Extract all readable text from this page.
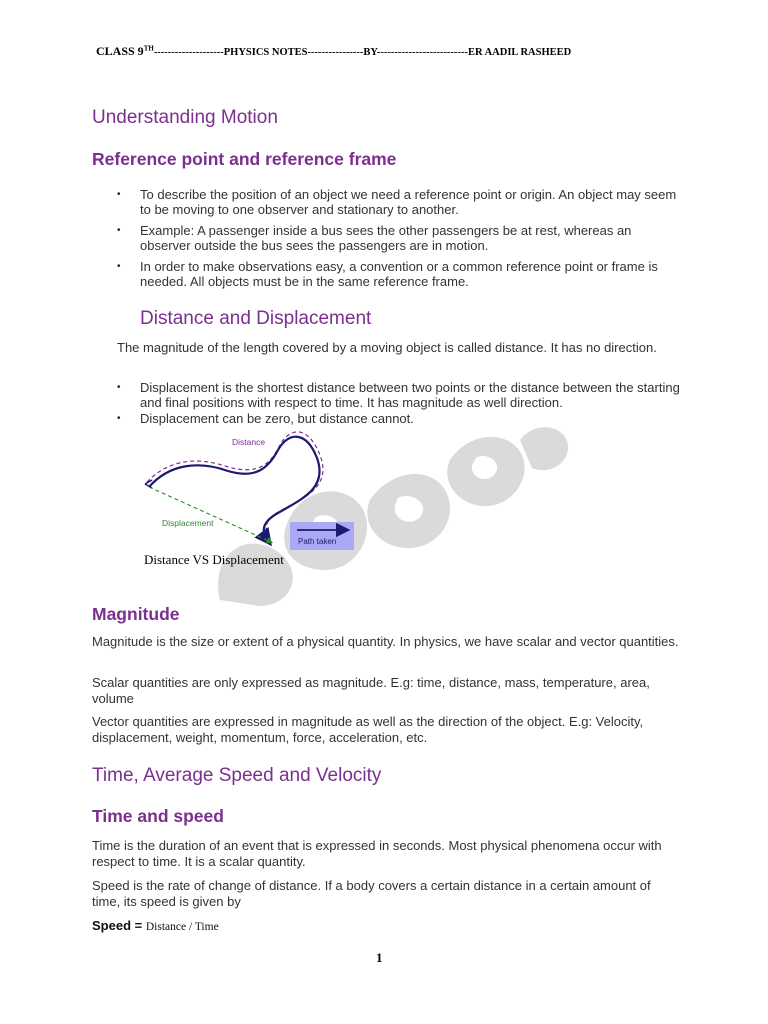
CLASS 9TH--------------------PHYSICS NOTES----------------BY--------------------------ER AADIL RASHEED
Understanding Motion
Reference point and reference frame
• To describe the position of an object we need a reference point or origin. An object may seem to be moving to one observer and stationary to another.
• Example: A passenger inside a bus sees the other passengers be at rest, whereas an observer outside the bus sees the passengers are in motion.
• In order to make observations easy, a convention or a common reference point or frame is needed. All objects must be in the same reference frame.
Distance and Displacement

The magnitude of the length covered by a moving object is called distance. It has no direction.

• Displacement is the shortest distance between two points or the distance between the starting and final positions with respect to time. It has magnitude as well direction.
• Displacement can be zero, but distance cannot.
Distance
Displacement
Path taken
Distance VS Displacement
Magnitude

Magnitude is the size or extent of a physical quantity. In physics, we have scalar and vector quantities.

Scalar quantities are only expressed as magnitude. E.g: time, distance, mass, temperature, area, volume

Vector quantities are expressed in magnitude as well as the direction of the object. E.g: Velocity, displacement, weight, momentum, force, acceleration, etc.

Time, Average Speed and Velocity
Time and speed

Time is the duration of an event that is expressed in seconds. Most physical phenomena occur with respect to time. It is a scalar quantity.

Speed is the rate of change of distance. If a body covers a certain distance in a certain amount of time, its speed is given by

Speed = Distance / Time
1
